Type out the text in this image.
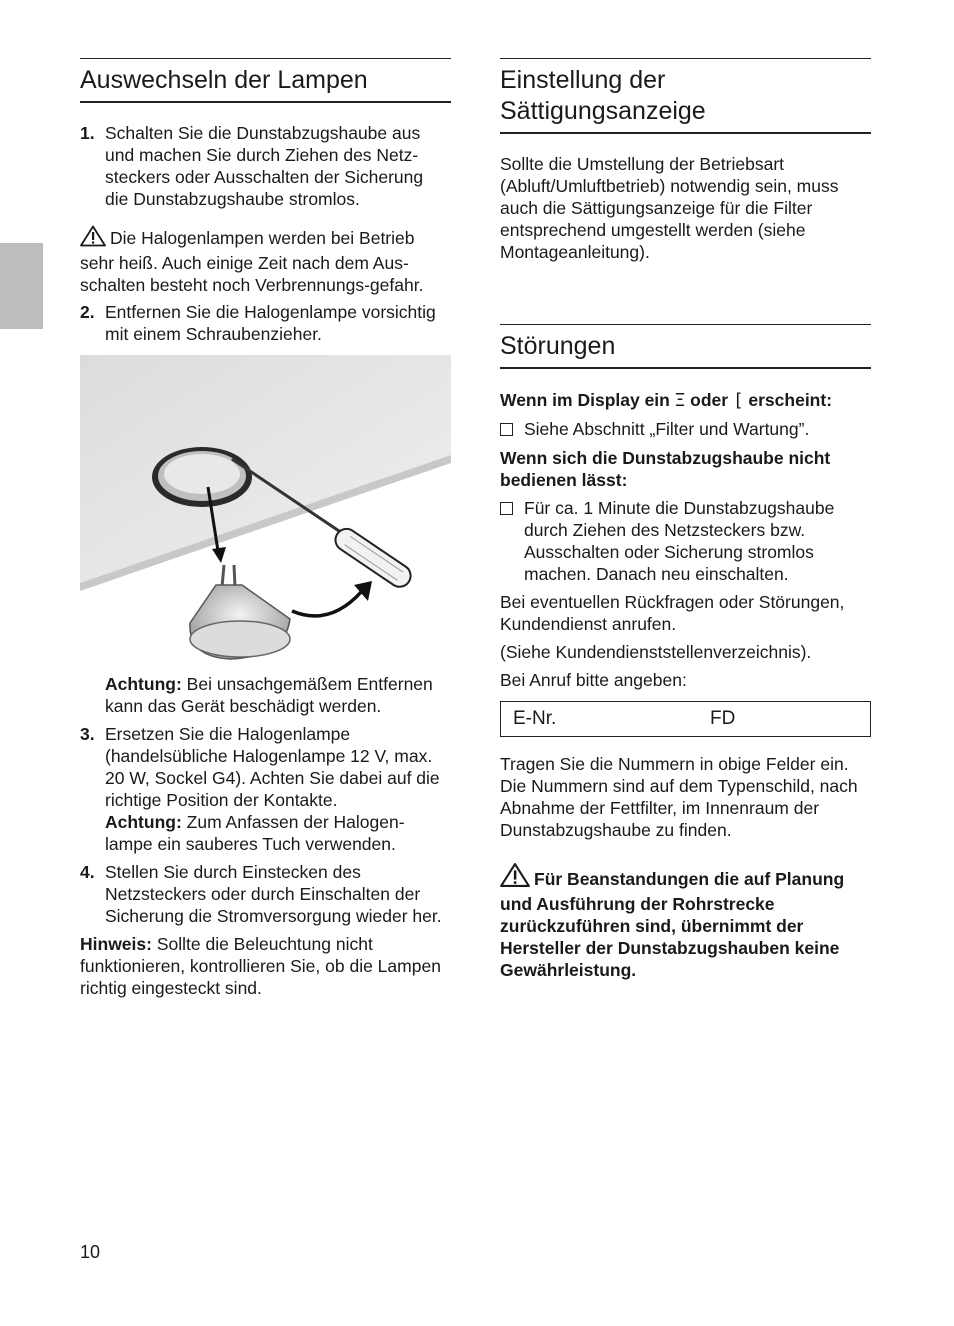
Auswechseln der Lampen
1. Schalten Sie die Dunstabzugshaube aus und machen Sie durch Ziehen des Netz-steckers oder Ausschalten der Sicherung die Dunstabzugshaube stromlos.

Die Halogenlampen werden bei Betrieb sehr heiß. Auch einige Zeit nach dem Aus-schalten besteht noch Verbrennungs-gefahr.

2. Entfernen Sie die Halogenlampe vorsichtig mit einem Schraubenzieher.

Achtung: Bei unsachgemäßem Entfernen kann das Gerät beschädigt werden.

3. Ersetzen Sie die Halogenlampe (handelsübliche Halogenlampe 12 V, max. 20 W, Sockel G4). Achten Sie dabei auf die richtige Position der Kontakte.
Achtung: Zum Anfassen der Halogen-lampe ein sauberes Tuch verwenden.
4. Stellen Sie durch Einstecken des Netzsteckers oder durch Einschalten der Sicherung die Stromversorgung wieder her.

Hinweis: Sollte die Beleuchtung nicht funktionieren, kontrollieren Sie, ob die Lampen richtig eingesteckt sind.

Einstellung der Sättigungsanzeige

Sollte die Umstellung der Betriebsart (Abluft/Umluftbetrieb) notwendig sein, muss auch die Sättigungsanzeige für die Filter entsprechend umgestellt werden (siehe Montageanleitung).

Störungen

Wenn im Display ein Ξ oder [ erscheint:

Siehe Abschnitt „Filter und Wartung”.

Wenn sich die Dunstabzugshaube nicht bedienen lässt:

Für ca. 1 Minute die Dunstabzugshaube durch Ziehen des Netzsteckers bzw. Ausschalten oder Sicherung stromlos machen. Danach neu einschalten.

Bei eventuellen Rückfragen oder Störungen, Kundendienst anrufen.

(Siehe Kundendienststellenverzeichnis).

Bei Anruf bitte angeben:

E-Nr.	FD

Tragen Sie die Nummern in obige Felder ein. Die Nummern sind auf dem Typenschild, nach Abnahme der Fettfilter, im Innenraum der Dunstabzugshaube zu finden.

Für Beanstandungen die auf Planung und Ausführung der Rohrstrecke zurückzuführen sind, übernimmt der Hersteller der Dunstabzugshauben keine Gewährleistung.

10
